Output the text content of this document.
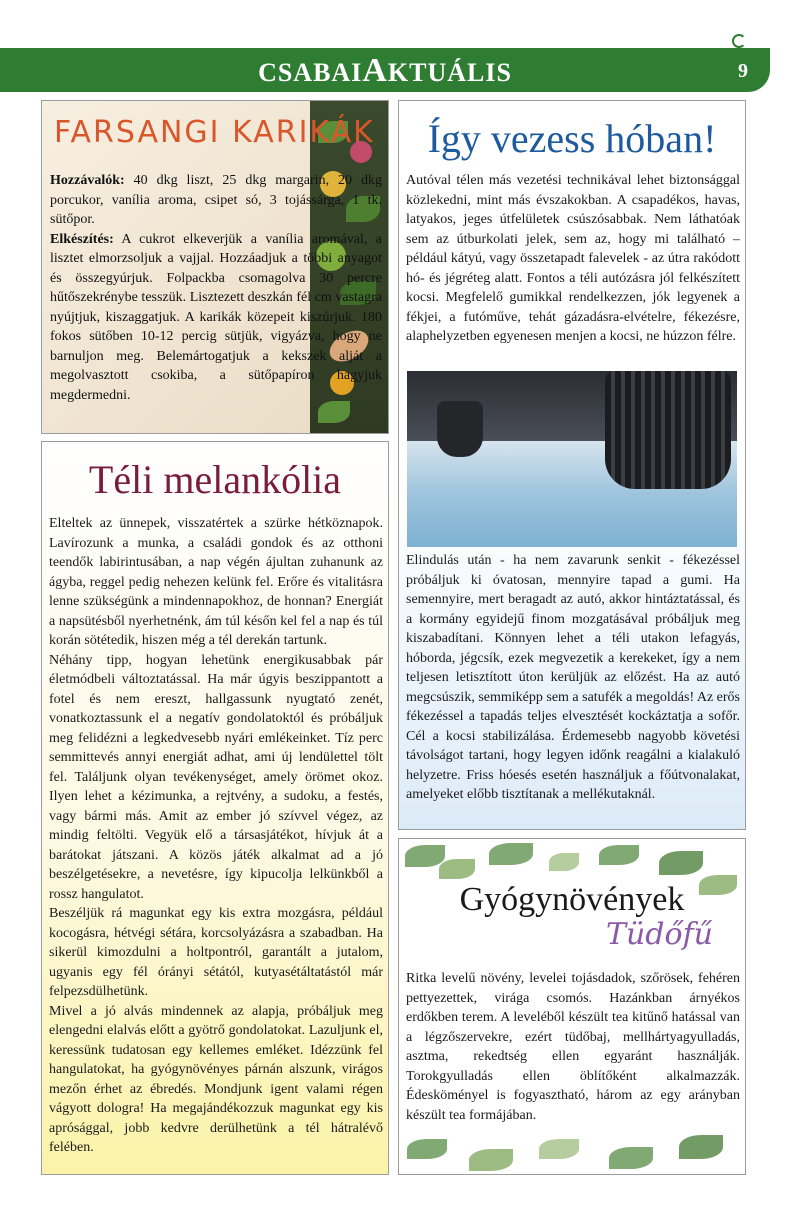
CSABAIAKTUÁLIS	9
FARSANGI KARIKÁK
Hozzávalók: 40 dkg liszt, 25 dkg margarin, 20 dkg porcukor, vanília aroma, csipet só, 3 tojássárga, 1 tk. sütőpor.
Elkészítés: A cukrot elkeverjük a vanília aromával, a lisztet elmorzsoljuk a vajjal. Hozzáadjuk a többi anyagot és összegyúrjuk. Folpackba csomagolva 30 percre hűtőszekrénybe tesszük. Lisztezett deszkán fél cm vastagra nyújtjuk, kiszaggatjuk. A karikák közepeit kiszúrjuk. 180 fokos sütőben 10-12 percig sütjük, vigyázva, hogy ne barnuljon meg. Belemártogatjuk a kekszek alját a megolvasztott csokiba, a sütőpapíron hagyjuk megdermedni.
Téli melankólia

Elteltek az ünnepek, visszatértek a szürke hétköznapok. Lavírozunk a munka, a családi gondok és az otthoni teendők labirintusában, a nap végén ájultan zuhanunk az ágyba, reggel pedig nehezen kelünk fel. Erőre és vitalitásra lenne szükségünk a mindennapokhoz, de honnan? Energiát a napsütésből nyerhetnénk, ám túl későn kel fel a nap és túl korán sötétedik, hiszen még a tél derekán tartunk.

Néhány tipp, hogyan lehetünk energikusabbak pár életmódbeli változtatással. Ha már úgyis beszippantott a fotel és nem ereszt, hallgassunk nyugtató zenét, vonatkoztassunk el a negatív gondolatoktól és próbáljuk meg felidézni a legkedvesebb nyári emlékeinket. Tíz perc semmittevés annyi energiát adhat, ami új lendülettel tölt fel. Találjunk olyan tevékenységet, amely örömet okoz. Ilyen lehet a kézimunka, a rejtvény, a sudoku, a festés, vagy bármi más. Amit az ember jó szívvel végez, az mindig feltölti. Vegyük elő a társasjátékot, hívjuk át a barátokat játszani. A közös játék alkalmat ad a jó beszélgetésekre, a nevetésre, így kipucolja lelkünkből a rossz hangulatot.

Beszéljük rá magunkat egy kis extra mozgásra, például kocogásra, hétvégi sétára, korcsolyázásra a szabadban. Ha sikerül kimozdulni a holtpontról, garantált a jutalom, ugyanis egy fél órányi sétától, kutyasétáltatástól már felpezsdülhetünk.

Mivel a jó alvás mindennek az alapja, próbáljuk meg elengedni elalvás előtt a gyötrő gondolatokat. Lazuljunk el, keressünk tudatosan egy kellemes emléket. Idézzünk fel hangulatokat, ha gyógynövényes párnán alszunk, virágos mezőn érhet az ébredés. Mondjunk igent valami régen vágyott dologra! Ha megajándékozzuk magunkat egy kis aprósággal, jobb kedvre derülhetünk a tél hátralévő felében.

Így vezess hóban!
Autóval télen más vezetési technikával lehet biztonsággal közlekedni, mint más évszakokban. A csapadékos, havas, latyakos, jeges útfelületek csúszósabbak. Nem láthatóak sem az útburkolati jelek, sem az, hogy mi található – például kátyú, vagy összetapadt falevelek - az útra rakódott hó- és jégréteg alatt. Fontos a téli autózásra jól felkészített kocsi. Megfelelő gumikkal rendelkezzen, jók legyenek a fékjei, a futóműve, tehát gázadásra-elvételre, fékezésre, alaphelyzetben egyenesen menjen a kocsi, ne húzzon félre.
Elindulás után - ha nem zavarunk senkit - fékezéssel próbáljuk ki óvatosan, mennyire tapad a gumi. Ha semennyire, mert beragadt az autó, akkor hintáztatással, és a kormány egyidejű finom mozgatásával próbáljuk meg kiszabadítani. Könnyen lehet a téli utakon lefagyás, hóborda, jégcsík, ezek megvezetik a kerekeket, így a nem teljesen letisztított úton kerüljük az előzést. Ha az autó megcsúszik, semmiképp sem a satufék a megoldás! Az erős fékezéssel a tapadás teljes elvesztését kockáztatja a sofőr. Cél a kocsi stabilizálása. Érdemesebb nagyobb követési távolságot tartani, hogy legyen időnk reagálni a kialakuló helyzetre. Friss hóesés esetén használjuk a főútvonalakat, amelyeket előbb tisztítanak a mellékutaknál.
Gyógynövények
Tüdőfű
Ritka levelű növény, levelei tojásdadok, szőrösek, fehéren pettyezettek, virága csomós. Hazánkban árnyékos erdőkben terem. A leveléből készült tea kitűnő hatással van a légzőszervekre, ezért tüdőbaj, mellhártyagyulladás, asztma, rekedtség ellen egyaránt használják. Torokgyulladás ellen öblítőként alkalmazzák. Édesköményel is fogyasztható, három az egy arányban készült tea formájában.
